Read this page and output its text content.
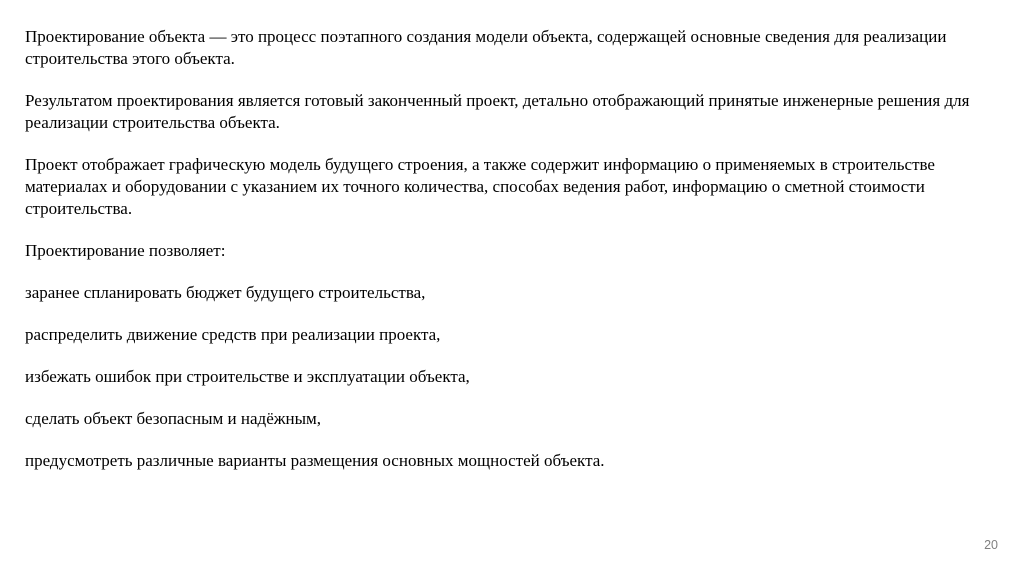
Проектирование объекта — это процесс поэтапного создания модели объекта, содержащей основные сведения для реализации строительства этого объекта.

Результатом проектирования является готовый законченный проект, детально отображающий принятые инженерные решения для реализации строительства объекта.

Проект отображает графическую модель будущего строения, а также содержит информацию о применяемых в строительстве материалах и оборудовании с указанием их точного количества, способах ведения работ, информацию о сметной стоимости строительства.

Проектирование позволяет:

заранее спланировать бюджет будущего строительства,

распределить движение средств при реализации проекта,

избежать ошибок при строительстве и эксплуатации объекта,

сделать объект безопасным и надёжным,

предусмотреть различные варианты размещения основных мощностей объекта.

20
